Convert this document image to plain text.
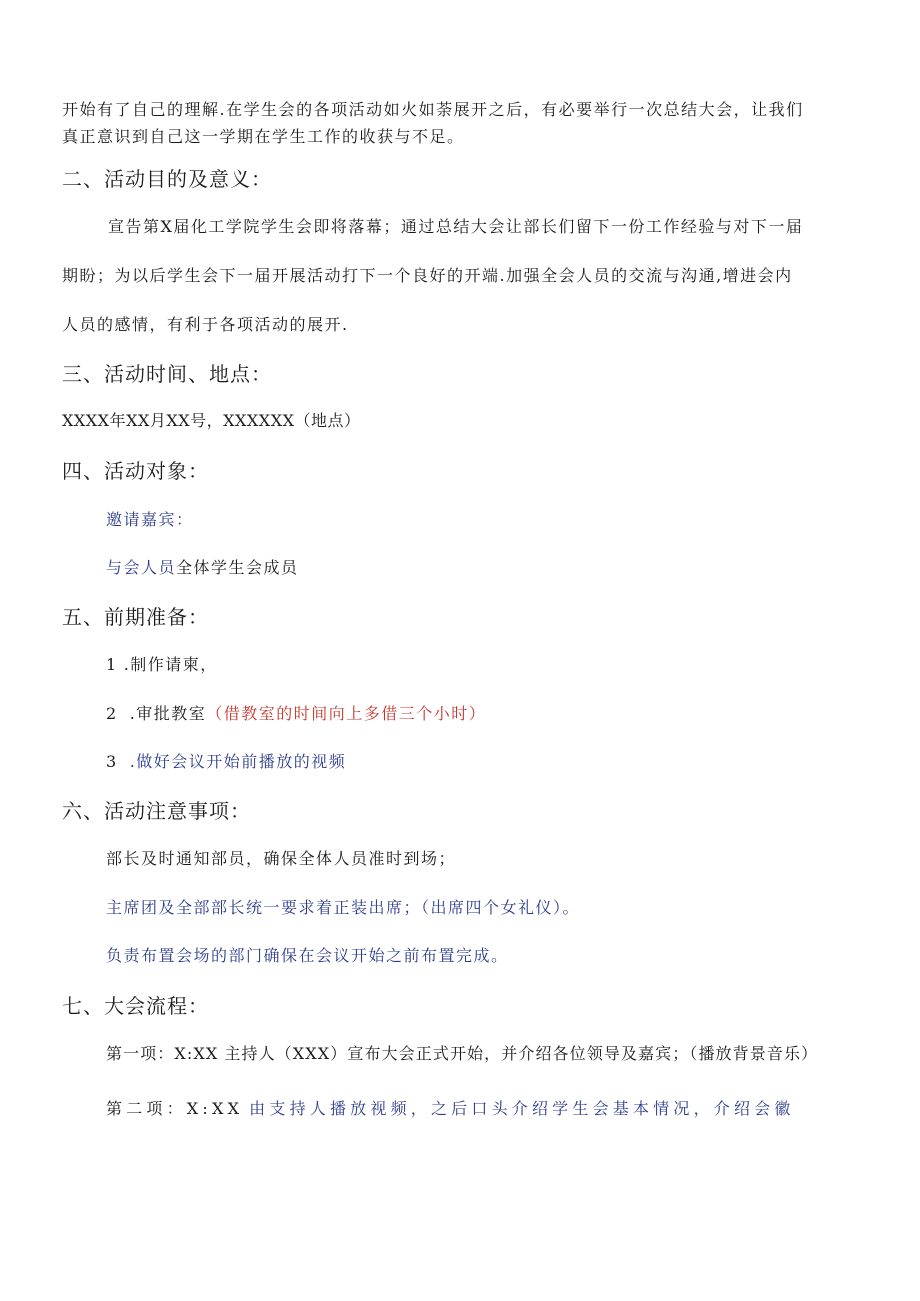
开始有了自己的理解.在学生会的各项活动如火如荼展开之后，有必要举行一次总结大会，让我们
真正意识到自己这一学期在学生工作的收获与不足。
二、活动目的及意义：
宣告第X届化工学院学生会即将落幕；通过总结大会让部长们留下一份工作经验与对下一届
期盼；为以后学生会下一届开展活动打下一个良好的开端.加强全会人员的交流与沟通,增进会内
人员的感情，有利于各项活动的展开.
三、活动时间、地点：
XXXX年XX月XX号，XXXXXX（地点）
四、活动对象：
邀请嘉宾：
与会人员全体学生会成员
五、前期准备：
1 .制作请柬，
2 .审批教室（借教室的时间向上多借三个小时）
3 .做好会议开始前播放的视频
六、活动注意事项：
部长及时通知部员，确保全体人员准时到场；
主席团及全部部长统一要求着正装出席；（出席四个女礼仪）。
负责布置会场的部门确保在会议开始之前布置完成。
七、大会流程：
第一项：X:XX 主持人（XXX）宣布大会正式开始，并介绍各位领导及嘉宾；（播放背景音乐）
第二项：X:XX 由支持人播放视频，之后口头介绍学生会基本情况，介绍会徽
